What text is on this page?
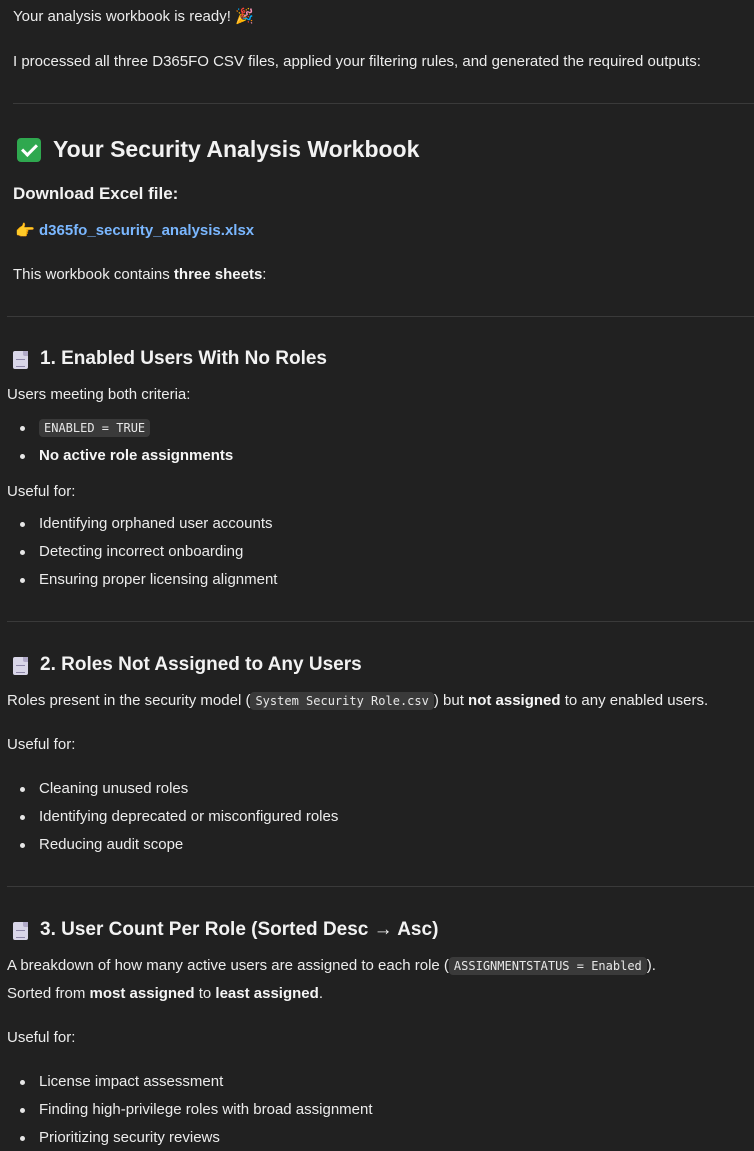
Your analysis workbook is ready! 🎉
I processed all three D365FO CSV files, applied your filtering rules, and generated the required outputs:
Your Security Analysis Workbook
Download Excel file:
👉 d365fo_security_analysis.xlsx
This workbook contains three sheets:
1. Enabled Users With No Roles
Users meeting both criteria:
ENABLED = TRUE
No active role assignments
Useful for:
Identifying orphaned user accounts
Detecting incorrect onboarding
Ensuring proper licensing alignment
2. Roles Not Assigned to Any Users
Roles present in the security model ( System Security Role.csv ) but not assigned to any enabled users.
Useful for:
Cleaning unused roles
Identifying deprecated or misconfigured roles
Reducing audit scope
3. User Count Per Role (Sorted Desc → Asc)
A breakdown of how many active users are assigned to each role ( ASSIGNMENTSTATUS = Enabled ).
Sorted from most assigned to least assigned.
Useful for:
License impact assessment
Finding high-privilege roles with broad assignment
Prioritizing security reviews
